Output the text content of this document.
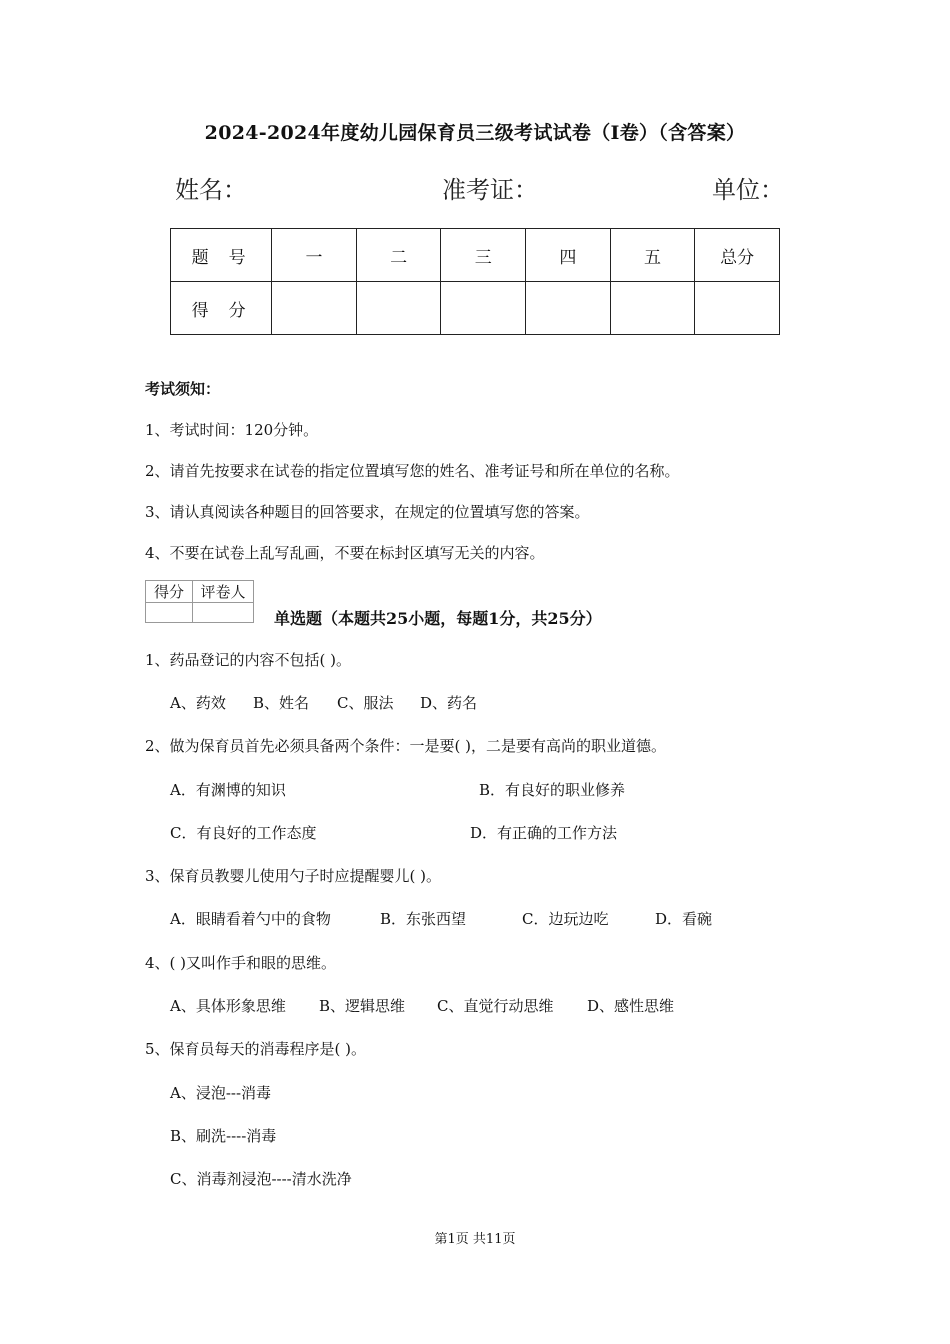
2024-2024年度幼儿园保育员三级考试试卷（I卷）（含答案）
姓名：	准考证：	单位：
题号	一	二	三	四	五	总分
得分						
考试须知：
1、考试时间：120分钟。
2、请首先按要求在试卷的指定位置填写您的姓名、准考证号和所在单位的名称。
3、请认真阅读各种题目的回答要求，在规定的位置填写您的答案。
4、不要在试卷上乱写乱画，不要在标封区填写无关的内容。
得分	评卷人

单选题（本题共25小题，每题1分，共25分）
1、药品登记的内容不包括( )。
A、药效 B、姓名 C、服法 D、药名
2、做为保育员首先必须具备两个条件：一是要( )，二是要有高尚的职业道德。
A．有渊博的知识	B．有良好的职业修养
C．有良好的工作态度	D．有正确的工作方法
3、保育员教婴儿使用勺子时应提醒婴儿( )。
A．眼睛看着勺中的食物	B．东张西望	C．边玩边吃	D．看碗
4、( )又叫作手和眼的思维。
A、具体形象思维 B、逻辑思维 C、直觉行动思维 D、感性思维
5、保育员每天的消毒程序是( )。
A、浸泡---消毒
B、刷洗----消毒
C、消毒剂浸泡----清水洗净
第1页 共11页
